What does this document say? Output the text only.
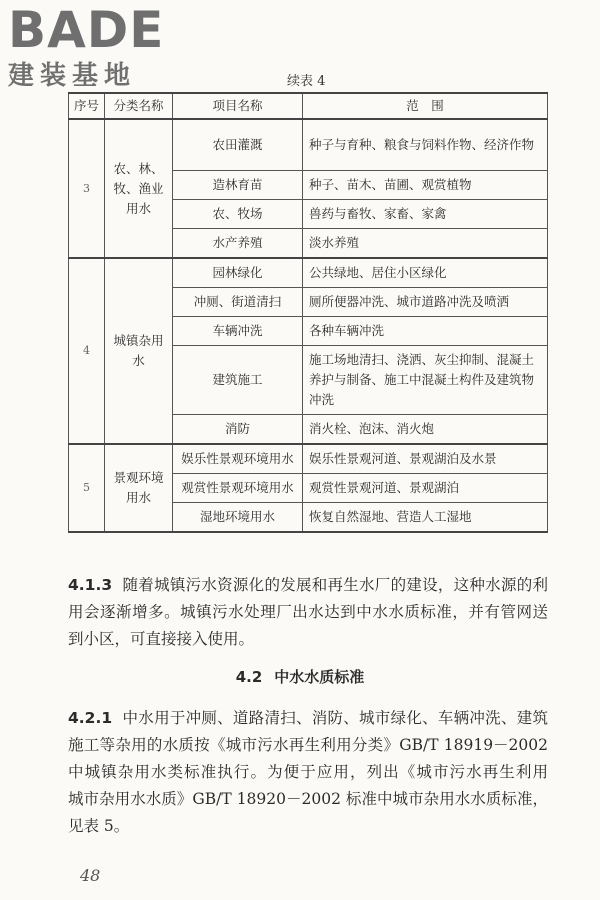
BADE
建装基地	续表 4
序号	分类名称	项目名称	范　围
3	农、林、牧、渔业用水	农田灌溉	种子与育种、粮食与饲料作物、经济作物
		造林育苗	种子、苗木、苗圃、观赏植物
		农、牧场	兽药与畜牧、家畜、家禽
		水产养殖	淡水养殖
4	城镇杂用水	园林绿化	公共绿地、居住小区绿化
		冲厕、街道清扫	厕所便器冲洗、城市道路冲洗及喷洒
		车辆冲洗	各种车辆冲洗
		建筑施工	施工场地清扫、浇洒、灰尘抑制、混凝土养护与制备、施工中混凝土构件及建筑物冲洗
		消防	消火栓、泡沫、消火炮
5	景观环境用水	娱乐性景观环境用水	娱乐性景观河道、景观湖泊及水景
		观赏性景观环境用水	观赏性景观河道、景观湖泊
		湿地环境用水	恢复自然湿地、营造人工湿地
4.1.3 随着城镇污水资源化的发展和再生水厂的建设，这种水源的利用会逐渐增多。城镇污水处理厂出水达到中水水质标准，并有管网送到小区，可直接接入使用。
4.2 中水水质标准
4.2.1 中水用于冲厕、道路清扫、消防、城市绿化、车辆冲洗、建筑施工等杂用的水质按《城市污水再生利用分类》GB/T 18919－2002 中城镇杂用水类标准执行。为便于应用，列出《城市污水再生利用　城市杂用水水质》GB/T 18920－2002 标准中城市杂用水水质标准，见表 5。
48
